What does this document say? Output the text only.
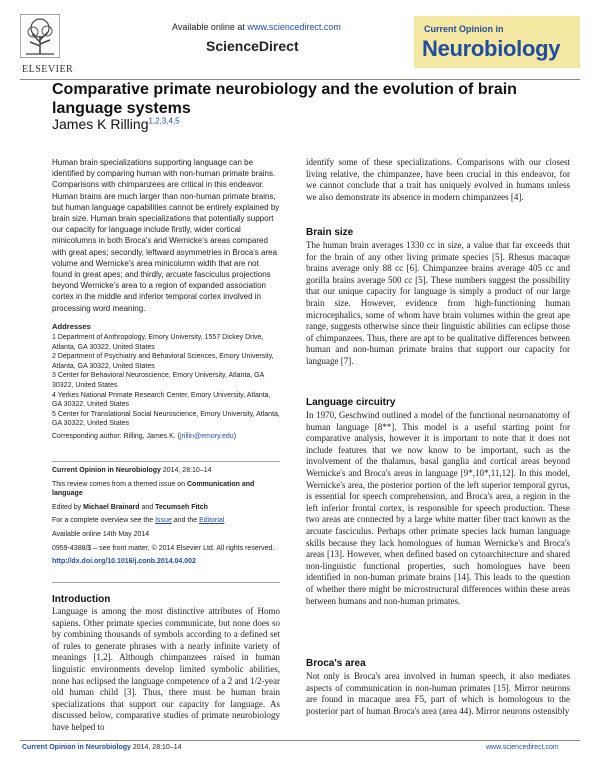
ELSEVIER
Available online at www.sciencedirect.com
ScienceDirect
Current Opinion in
Neurobiology
Comparative primate neurobiology and the evolution of brain language systems
James K Rilling$^{1,2,3,4,5}$
Human brain specializations supporting language can be identified by comparing human with non-human primate brains. Comparisons with chimpanzees are critical in this endeavor. Human brains are much larger than non-human primate brains, but human language capabilities cannot be entirely explained by brain size. Human brain specializations that potentially support our capacity for language include firstly, wider cortical minicolumns in both Broca's and Wernicke's areas compared with great apes; secondly, leftward asymmetries in Broca's area volume and Wernicke's area minicolumn width that are not found in great apes; and thirdly, arcuate fasciculus projections beyond Wernicke's area to a region of expanded association cortex in the middle and inferior temporal cortex involved in processing word meaning.
Addresses
1 Department of Anthropology, Emory University, 1557 Dickey Drive, Atlanta, GA 30322, United States
2 Department of Psychiatry and Behavioral Sciences, Emory University, Atlanta, GA 30322, United States
3 Center for Behavioral Neuroscience, Emory University, Atlanta, GA 30322, United States
4 Yerkes National Primate Research Center, Emory University, Atlanta, GA 30322, United States
5 Center for Translational Social Neuroscience, Emory University, Atlanta, GA 30322, United States
Corresponding author: Rilling, James K. (jrillin@emory.edu)

Current Opinion in Neurobiology 2014, 28:10–14

This review comes from a themed issue on Communication and language

Edited by Michael Brainard and Tecumseh Fitch

For a complete overview see the Issue and the Editorial

Available online 14th May 2014

0959-4388/$ – see front matter, © 2014 Elsevier Ltd. All rights reserved.

http://dx.doi.org/10.1016/j.conb.2014.04.002

Introduction
Language is among the most distinctive attributes of Homo sapiens. Other primate species communicate, but none does so by combining thousands of symbols according to a defined set of rules to generate phrases with a nearly infinite variety of meanings [1,2]. Although chimpanzees raised in human linguistic environments develop limited symbolic abilities, none has eclipsed the language competence of a 2 and 1/2-year old human child [3]. Thus, there must be human brain specializations that support our capacity for language. As discussed below, comparative studies of primate neurobiology have helped to
identify some of these specializations. Comparisons with our closest living relative, the chimpanzee, have been crucial in this endeavor, for we cannot conclude that a trait has uniquely evolved in humans unless we also demonstrate its absence in modern chimpanzees [4].
Brain size
The human brain averages 1330 cc in size, a value that far exceeds that for the brain of any other living primate species [5]. Rhesus macaque brains average only 88 cc [6]. Chimpanzee brains average 405 cc and gorilla brains average 500 cc [5]. These numbers suggest the possibility that our unique capacity for language is simply a product of our large brain size. However, evidence from high-functioning human microcephalics, some of whom have brain volumes within the great ape range, suggests otherwise since their linguistic abilities can eclipse those of chimpanzees. Thus, there are apt to be qualitative differences between human and non-human primate brains that support our capacity for language [7].
Language circuitry
In 1970, Geschwind outlined a model of the functional neuroanatomy of human language [8**]. This model is a useful starting point for comparative analysis, however it is important to note that it does not include features that we now know to be important, such as the involvement of the thalamus, basal ganglia and cortical areas beyond Wernicke's and Broca's areas in language [9*,10*,11,12]. In this model, Wernicke's area, the posterior portion of the left superior temporal gyrus, is essential for speech comprehension, and Broca's area, a region in the left inferior frontal cortex, is responsible for speech production. These two areas are connected by a large white matter fiber tract known as the arcuate fasciculus. Perhaps other primate species lack human language skills because they lack homologues of human Wernicke's and Broca's areas [13]. However, when defined based on cytoarchitecture and shared non-linguistic functional properties, such homologues have been identified in non-human primate brains [14]. This leads to the question of whether there might be microstructural differences within these areas between humans and non-human primates.
Broca's area
Not only is Broca's area involved in human speech, it also mediates aspects of communication in non-human primates [15]. Mirror neurons are found in macaque area F5, part of which is homologous to the posterior part of human Broca's area (area 44). Mirror neurons ostensibly
Current Opinion in Neurobiology 2014, 28:10–14	www.sciencedirect.com
